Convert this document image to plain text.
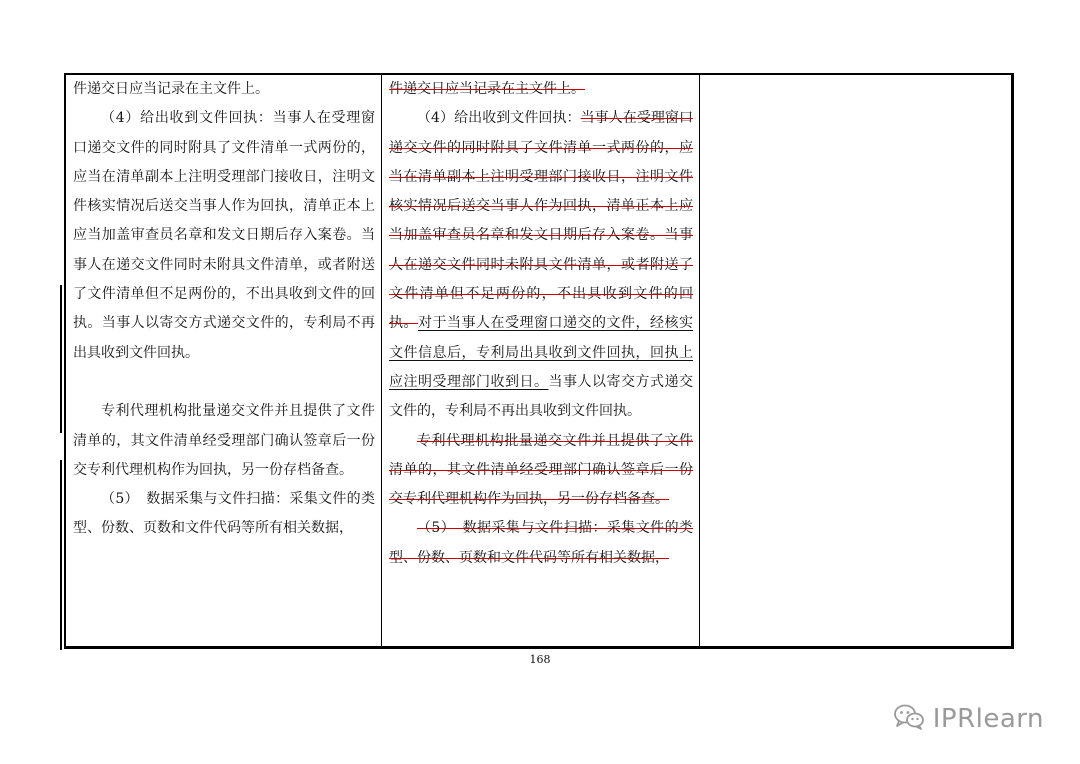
件递交日应当记录在主文件上。

（4）给出收到文件回执：当事人在受理窗口递交文件的同时附具了文件清单一式两份的，应当在清单副本上注明受理部门接收日，注明文件核实情况后送交当事人作为回执，清单正本上应当加盖审查员名章和发文日期后存入案卷。当事人在递交文件同时未附具文件清单，或者附送了文件清单但不足两份的，不出具收到文件的回执。当事人以寄交方式递交文件的，专利局不再出具收到文件回执。

专利代理机构批量递交文件并且提供了文件清单的，其文件清单经受理部门确认签章后一份交专利代理机构作为回执，另一份存档备查。

（5）　数据采集与文件扫描：采集文件的类型、份数、页数和文件代码等所有相关数据，

件递交日应当记录在主文件上。

（4）给出收到文件回执：当事人在受理窗口递交文件的同时附具了文件清单一式两份的，应当在清单副本上注明受理部门接收日，注明文件核实情况后送交当事人作为回执，清单正本上应当加盖审查员名章和发文日期后存入案卷。当事人在递交文件同时未附具文件清单，或者附送了文件清单但不足两份的，不出具收到文件的回执。对于当事人在受理窗口递交的文件，经核实文件信息后，专利局出具收到文件回执，回执上应注明受理部门收到日。当事人以寄交方式递交文件的，专利局不再出具收到文件回执。

专利代理机构批量递交文件并且提供了文件清单的，其文件清单经受理部门确认签章后一份交专利代理机构作为回执，另一份存档备查。

（5）　数据采集与文件扫描：采集文件的类型、份数、页数和文件代码等所有相关数据，

168
IPRlearn
